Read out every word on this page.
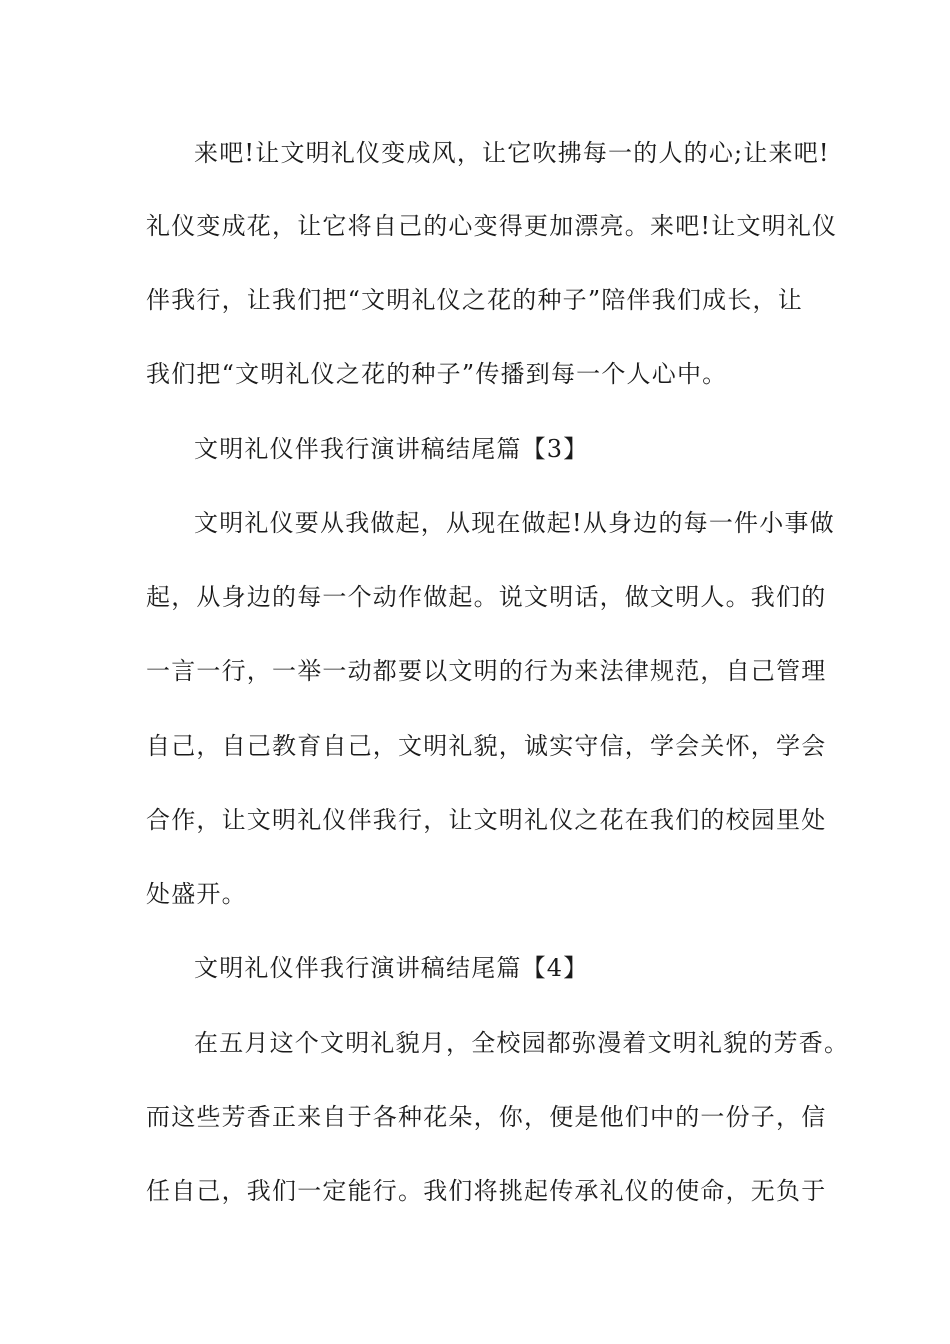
来吧!让文明礼仪变成风，让它吹拂每一的人的心;让来吧!
礼仪变成花，让它将自己的心变得更加漂亮。来吧!让文明礼仪
伴我行，让我们把“文明礼仪之花的种子”陪伴我们成长，让
我们把“文明礼仪之花的种子”传播到每一个人心中。
文明礼仪伴我行演讲稿结尾篇【3】
文明礼仪要从我做起，从现在做起!从身边的每一件小事做
起，从身边的每一个动作做起。说文明话，做文明人。我们的
一言一行，一举一动都要以文明的行为来法律规范，自己管理
自己，自己教育自己，文明礼貌，诚实守信，学会关怀，学会
合作，让文明礼仪伴我行，让文明礼仪之花在我们的校园里处
处盛开。
文明礼仪伴我行演讲稿结尾篇【4】
在五月这个文明礼貌月，全校园都弥漫着文明礼貌的芳香。
而这些芳香正来自于各种花朵，你，便是他们中的一份子，信
任自己，我们一定能行。我们将挑起传承礼仪的使命，无负于
